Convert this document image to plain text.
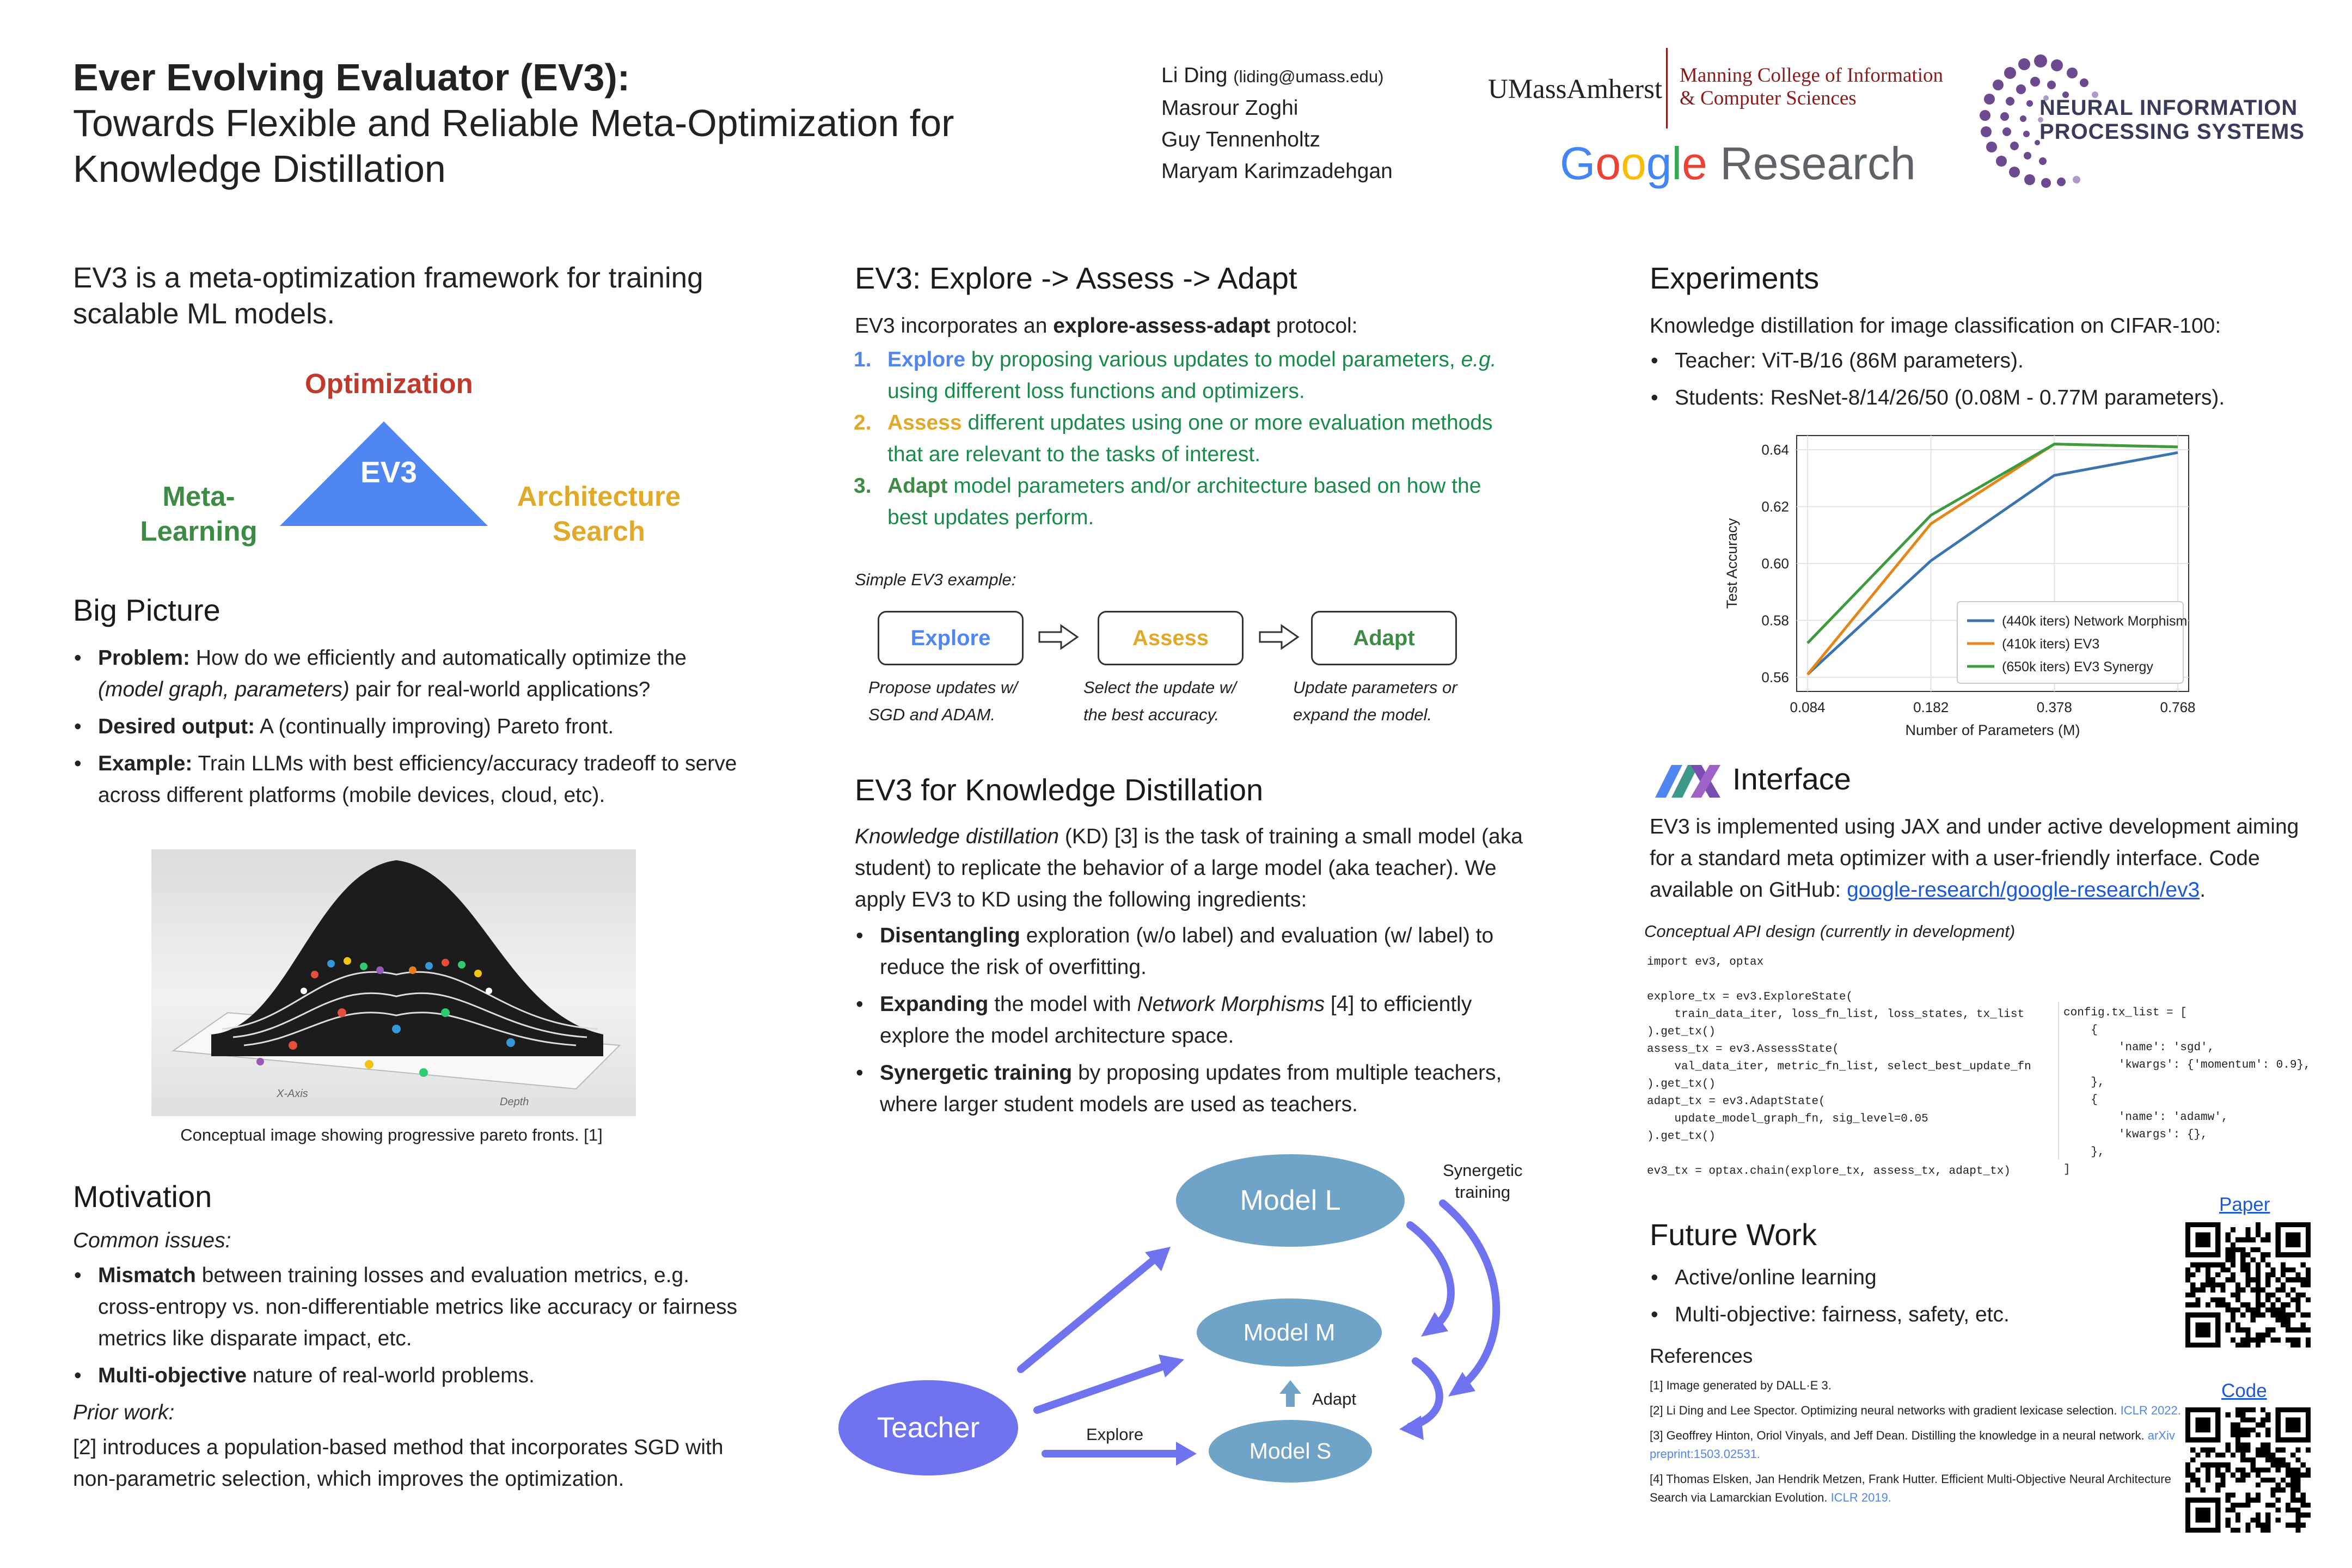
Ever Evolving Evaluator (EV3):
Towards Flexible and Reliable Meta-Optimization for
Knowledge Distillation
Li Ding (liding@umass.edu)
Masrour Zoghi
Guy Tennenholtz
Maryam Karimzadehgan
UMassAmherst Manning College of Information
& Computer Sciences
Google Research
NEURAL INFORMATION
PROCESSING SYSTEMS
EV3 is a meta-optimization framework for training scalable ML models.
Optimization
EV3
Meta-
Learning
Architecture
Search
Big Picture
• Problem: How do we efficiently and automatically optimize the (model graph, parameters) pair for real-world applications?
• Desired output: A (continually improving) Pareto front.
• Example: Train LLMs with best efficiency/accuracy tradeoff to serve across different platforms (mobile devices, cloud, etc).
X-Axis
Depth
Conceptual image showing progressive pareto fronts. [1]
Motivation
Common issues:
• Mismatch between training losses and evaluation metrics, e.g. cross-entropy vs. non-differentiable metrics like accuracy or fairness metrics like disparate impact, etc.
• Multi-objective nature of real-world problems.
Prior work:
[2] introduces a population-based method that incorporates SGD with non-parametric selection, which improves the optimization.
EV3: Explore -> Assess -> Adapt
EV3 incorporates an explore-assess-adapt protocol:
1. Explore by proposing various updates to model parameters, e.g. using different loss functions and optimizers.
2. Assess different updates using one or more evaluation methods that are relevant to the tasks of interest.
3. Adapt model parameters and/or architecture based on how the best updates perform.
Simple EV3 example:
Explore	Assess	Adapt
Propose updates w/
SGD and ADAM.
Select the update w/
the best accuracy.
Update parameters or
expand the model.
EV3 for Knowledge Distillation
Knowledge distillation (KD) [3] is the task of training a small model (aka student) to replicate the behavior of a large model (aka teacher). We apply EV3 to KD using the following ingredients:
• Disentangling exploration (w/o label) and evaluation (w/ label) to reduce the risk of overfitting.
• Expanding the model with Network Morphisms [4] to efficiently explore the model architecture space.
• Synergetic training by proposing updates from multiple teachers, where larger student models are used as teachers.
Model L
Model M
Model S
Teacher	Explore
Adapt
Synergetic
training
Experiments
Knowledge distillation for image classification on CIFAR-100:
• Teacher: ViT-B/16 (86M parameters).
• Students: ResNet-8/14/26/50 (0.08M - 0.77M parameters).
0.56
0.58
0.60
0.62
0.64
0.084	0.182	0.378	0.768
Number of Parameters (M)
Test Accuracy
(440k iters) Network Morphism
(410k iters) EV3
(650k iters) EV3 Synergy
Interface
EV3 is implemented using JAX and under active development aiming for a standard meta optimizer with a user-friendly interface. Code available on GitHub: google-research/google-research/ev3.
Conceptual API design (currently in development)
import ev3, optax

explore_tx = ev3.ExploreState(
train_data_iter, loss_fn_list, loss_states, tx_list
).get_tx()
assess_tx = ev3.AssessState(
val_data_iter, metric_fn_list, select_best_update_fn
).get_tx()
adapt_tx = ev3.AdaptState(
update_model_graph_fn, sig_level=0.05
).get_tx()

ev3_tx = optax.chain(explore_tx, assess_tx, adapt_tx)
config.tx_list = [
{
'name': 'sgd',
'kwargs': {'momentum': 0.9},
},
{
'name': 'adamw',
'kwargs': {},
},
]
Future Work
• Active/online learning
• Multi-objective: fairness, safety, etc.
References
[1] Image generated by DALL·E 3.
[2] Li Ding and Lee Spector. Optimizing neural networks with gradient lexicase selection. ICLR 2022.
[3] Geoffrey Hinton, Oriol Vinyals, and Jeff Dean. Distilling the knowledge in a neural network. arXiv preprint:1503.02531.
[4] Thomas Elsken, Jan Hendrik Metzen, Frank Hutter. Efficient Multi-Objective Neural Architecture Search via Lamarckian Evolution. ICLR 2019.
Paper
Code
